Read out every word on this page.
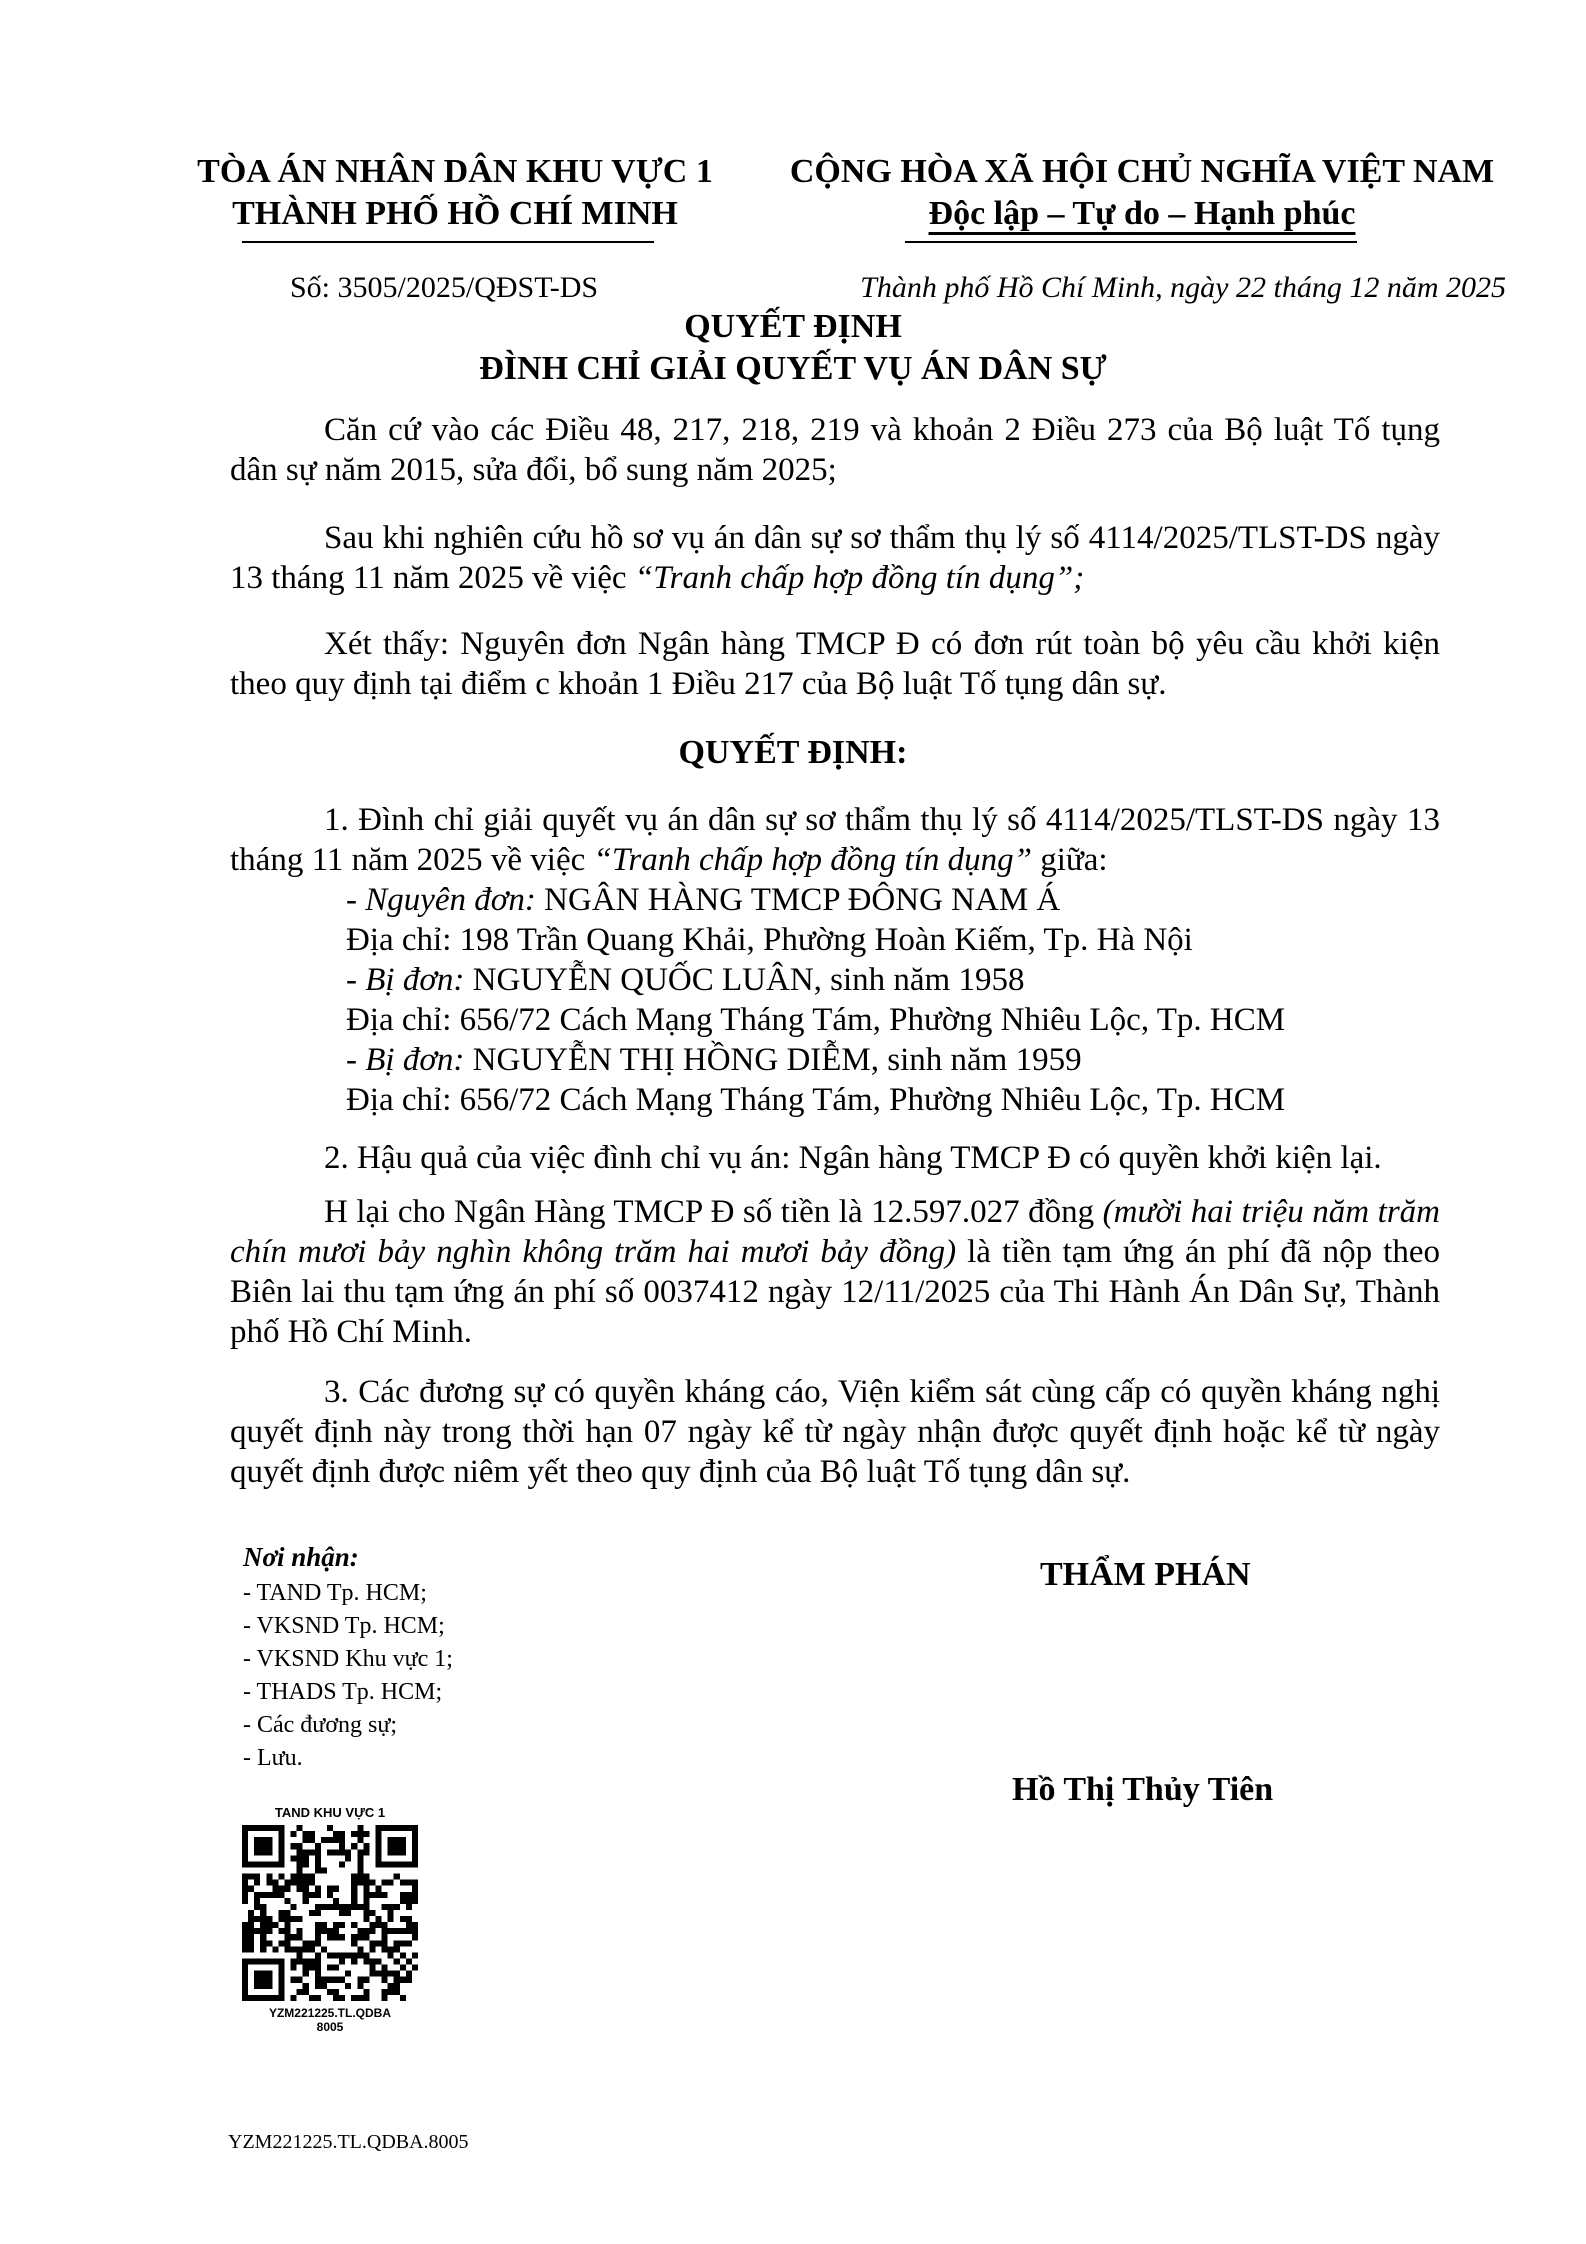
TÒA ÁN NHÂN DÂN KHU VỰC 1
THÀNH PHỐ HỒ CHÍ MINH
CỘNG HÒA XÃ HỘI CHỦ NGHĨA VIỆT NAM
Độc lập – Tự do – Hạnh phúc
Số: 3505/2025/QĐST-DS	Thành phố Hồ Chí Minh, ngày 22 tháng 12 năm 2025
QUYẾT ĐỊNH
ĐÌNH CHỈ GIẢI QUYẾT VỤ ÁN DÂN SỰ
Căn cứ vào các Điều 48, 217, 218, 219 và khoản 2 Điều 273 của Bộ luật Tố tụng dân sự năm 2015, sửa đổi, bổ sung năm 2025;
Sau khi nghiên cứu hồ sơ vụ án dân sự sơ thẩm thụ lý số 4114/2025/TLST-DS ngày 13 tháng 11 năm 2025 về việc “Tranh chấp hợp đồng tín dụng”;
Xét thấy: Nguyên đơn Ngân hàng TMCP Đ có đơn rút toàn bộ yêu cầu khởi kiện theo quy định tại điểm c khoản 1 Điều 217 của Bộ luật Tố tụng dân sự.
QUYẾT ĐỊNH:
1. Đình chỉ giải quyết vụ án dân sự sơ thẩm thụ lý số 4114/2025/TLST-DS ngày 13 tháng 11 năm 2025 về việc “Tranh chấp hợp đồng tín dụng” giữa:
- Nguyên đơn: NGÂN HÀNG TMCP ĐÔNG NAM Á
Địa chỉ: 198 Trần Quang Khải, Phường Hoàn Kiếm, Tp. Hà Nội
- Bị đơn: NGUYỄN QUỐC LUÂN, sinh năm 1958
Địa chỉ: 656/72 Cách Mạng Tháng Tám, Phường Nhiêu Lộc, Tp. HCM
- Bị đơn: NGUYỄN THỊ HỒNG DIỄM, sinh năm 1959
Địa chỉ: 656/72 Cách Mạng Tháng Tám, Phường Nhiêu Lộc, Tp. HCM
2. Hậu quả của việc đình chỉ vụ án: Ngân hàng TMCP Đ có quyền khởi kiện lại.
H lại cho Ngân Hàng TMCP Đ số tiền là 12.597.027 đồng (mười hai triệu năm trăm chín mươi bảy nghìn không trăm hai mươi bảy đồng) là tiền tạm ứng án phí đã nộp theo Biên lai thu tạm ứng án phí số 0037412 ngày 12/11/2025 của Thi Hành Án Dân Sự, Thành phố Hồ Chí Minh.
3. Các đương sự có quyền kháng cáo, Viện kiểm sát cùng cấp có quyền kháng nghị quyết định này trong thời hạn 07 ngày kể từ ngày nhận được quyết định hoặc kể từ ngày quyết định được niêm yết theo quy định của Bộ luật Tố tụng dân sự.
Nơi nhận:
- TAND Tp. HCM;
- VKSND Tp. HCM;
- VKSND Khu vực 1;
- THADS Tp. HCM;
- Các đương sự;
- Lưu.
THẨM PHÁN
Hồ Thị Thủy Tiên
TAND KHU VỰC 1
YZM221225.TL.QDBA
8005
YZM221225.TL.QDBA.8005
